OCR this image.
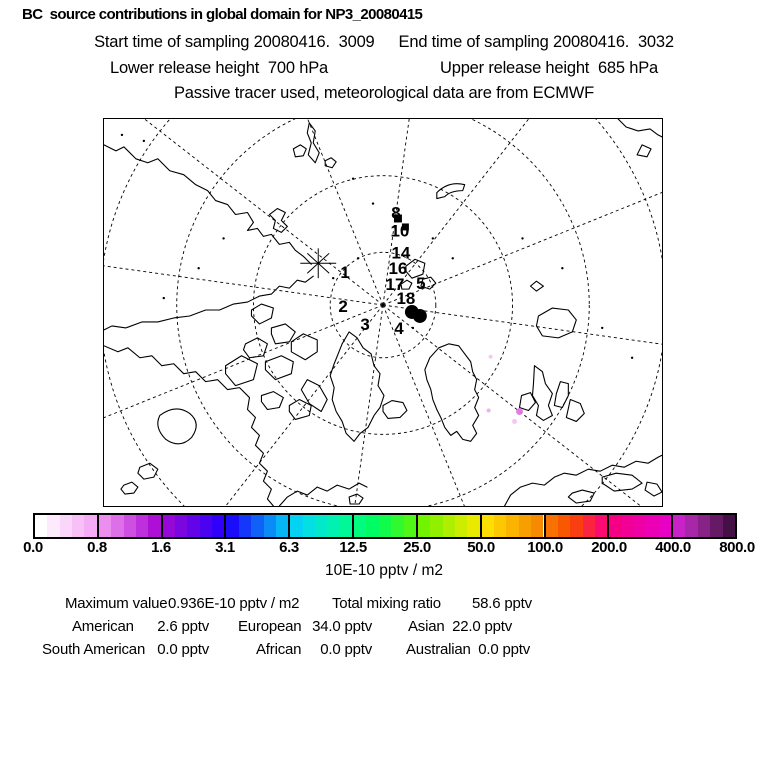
BC  source contributions in global domain for NP3_20080415
Start time of sampling 20080416.  3009 End time of sampling 20080416.  3032
Lower release height  700 hPa	Upper release height  685 hPa
Passive tracer used, meteorological data are from ECMWF
1
2
3 4
5
8
10
14
16
17
18
0.0	0.8	1.6	3.1	6.3	12.5	25.0	50.0	100.0	200.0	400.0	800.0
10E-10 pptv / m2
Maximum value 0.936E-10 pptv / m2 Total mixing ratio 58.6 pptv
American	2.6 pptv European 34.0 pptv Asian 22.0 pptv
South American 0.0 pptv	African	0.0 pptv Australian 0.0 pptv
